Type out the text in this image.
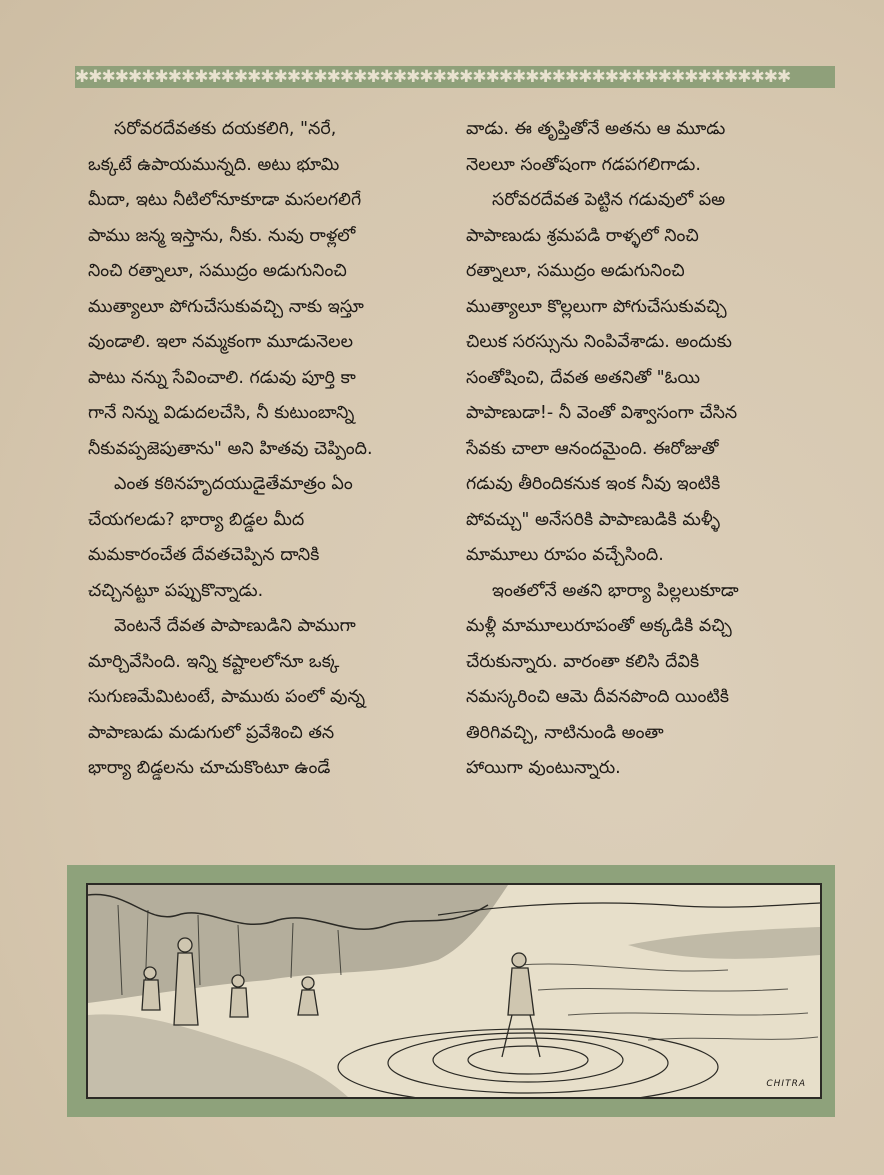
✱✱✱✱✱✱✱✱✱✱✱✱✱✱✱✱✱✱✱✱✱✱✱✱✱✱✱✱✱✱✱✱✱✱✱✱✱✱✱✱✱✱✱✱✱✱✱✱✱✱✱✱✱✱
సరోవరదేవతకు దయకలిగి, "నరే,
ఒక్కటే ఉపాయమున్నది. అటు భూమి
మీదా, ఇటు నీటిలోనూకూడా మసలగలిగే
పాము జన్మ ఇస్తాను, నీకు. నువు రాళ్లలో
నించి రత్నాలూ, సముద్రం అడుగునించి
ముత్యాలూ పోగుచేసుకువచ్చి నాకు ఇస్తూ
వుండాలి. ఇలా నమ్మకంగా మూడునెలల
పాటు నన్ను సేవించాలి. గడువు పూర్తి కా
గానే నిన్ను విడుదలచేసి, నీ కుటుంబాన్ని
నీకువప్పజెపుతాను" అని హితవు చెప్పింది.
ఎంత కఠినహృదయుడైతేమాత్రం ఏం
చేయగలడు? భార్యా బిడ్డల మీద
మమకారంచేత దేవతచెప్పిన దానికి
చచ్చినట్టూ పప్పుకొన్నాడు.
వెంటనే దేవత పాపాణుడిని పాముగా
మార్చివేసింది. ఇన్ని కష్టాలలోనూ ఒక్క
సుగుణమేమిటంటే, పాముఠు పంలో వున్న
పాపాణుడు మడుగులో ప్రవేశించి తన
భార్యా బిడ్డలను చూచుకొంటూ ఉండే
వాడు. ఈ తృప్తితోనే అతను ఆ మూడు
నెలలూ సంతోషంగా గడపగలిగాడు.
సరోవరదేవత పెట్టిన గడువులో పఅ
పాపాణుడు శ్రమపడి రాళ్ళలో నించి
రత్నాలూ, సముద్రం అడుగునించి
ముత్యాలూ కొల్లలుగా పోగుచేసుకువచ్చి
చిలుక సరస్సును నింపివేశాడు. అందుకు
సంతోషించి, దేవత అతనితో "ఓయి
పాపాణుడా!- నీ వెంతో విశ్వాసంగా చేసిన
సేవకు చాలా ఆనందమైంది. ఈరోజుతో
గడువు తీరిందికనుక ఇంక నీవు ఇంటికి
పోవచ్చు" అనేసరికి పాపాణుడికి మళ్ళీ
మామూలు రూపం వచ్చేసింది.
ఇంతలోనే అతని భార్యా పిల్లలుకూడా
మళ్లీ మామూలురూపంతో అక్కడికి వచ్చి
చేరుకున్నారు. వారంతా కలిసి దేవికి
నమస్కరించి ఆమె దీవనపొంది యింటికి
తిరిగివచ్చి, నాటినుండి అంతా
హాయిగా వుంటున్నారు.
CHITRA
